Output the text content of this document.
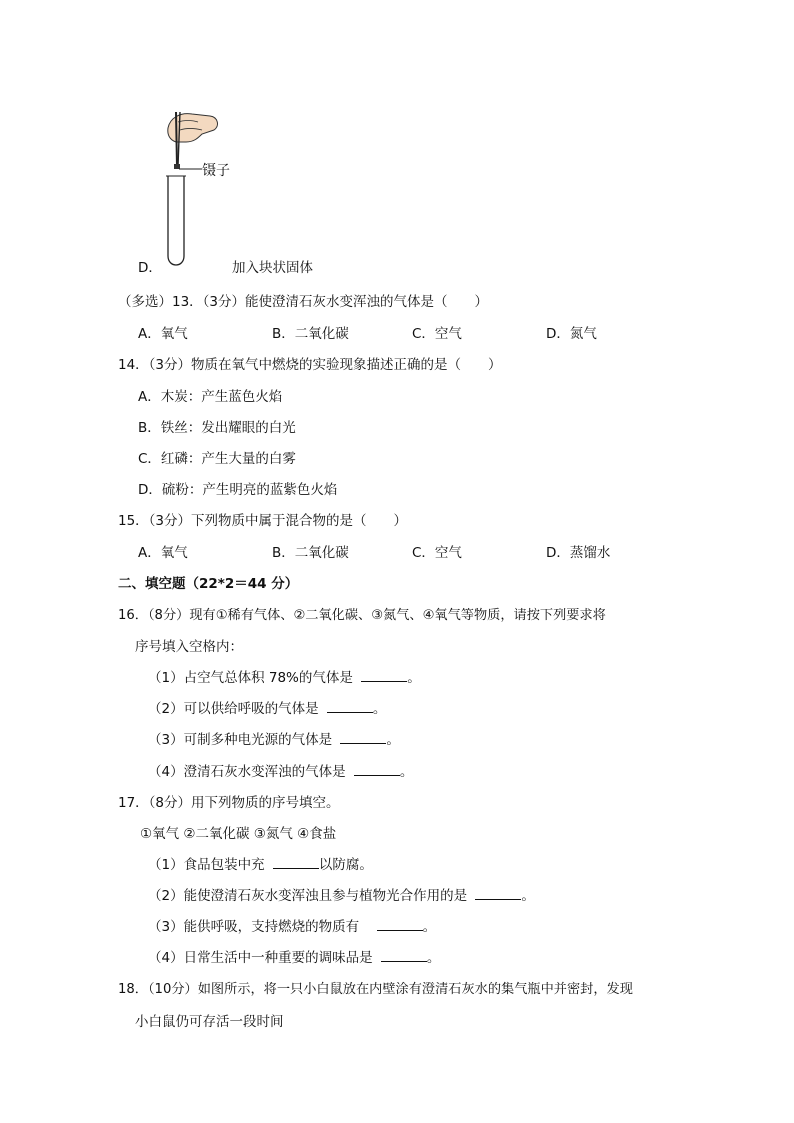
镊子
D．	加入块状固体
（多选）13．（3分）能使澄清石灰水变浑浊的气体是（　　）
A．氧气	B．二氧化碳	C．空气	D．氮气
14．（3分）物质在氧气中燃烧的实验现象描述正确的是（　　）
A．木炭：产生蓝色火焰
B．铁丝：发出耀眼的白光
C．红磷：产生大量的白雾
D．硫粉：产生明亮的蓝紫色火焰
15．（3分）下列物质中属于混合物的是（　　）
A．氧气	B．二氧化碳	C．空气	D．蒸馏水
二、填空题（22*2＝44 分）
16．（8分）现有①稀有气体、②二氧化碳、③氮气、④氧气等物质，请按下列要求将
序号填入空格内：
（1）占空气总体积 78%的气体是	。
（2）可以供给呼吸的气体是	。
（3）可制多种电光源的气体是	。
（4）澄清石灰水变浑浊的气体是	。
17．（8分）用下列物质的序号填空。
①氧气 ②二氧化碳 ③氮气 ④食盐
（1）食品包装中充	以防腐。
（2）能使澄清石灰水变浑浊且参与植物光合作用的是	。
（3）能供呼吸，支持燃烧的物质有　	。
（4）日常生活中一种重要的调味品是	。
18．（10分）如图所示，将一只小白鼠放在内壁涂有澄清石灰水的集气瓶中并密封，发现
小白鼠仍可存活一段时间
